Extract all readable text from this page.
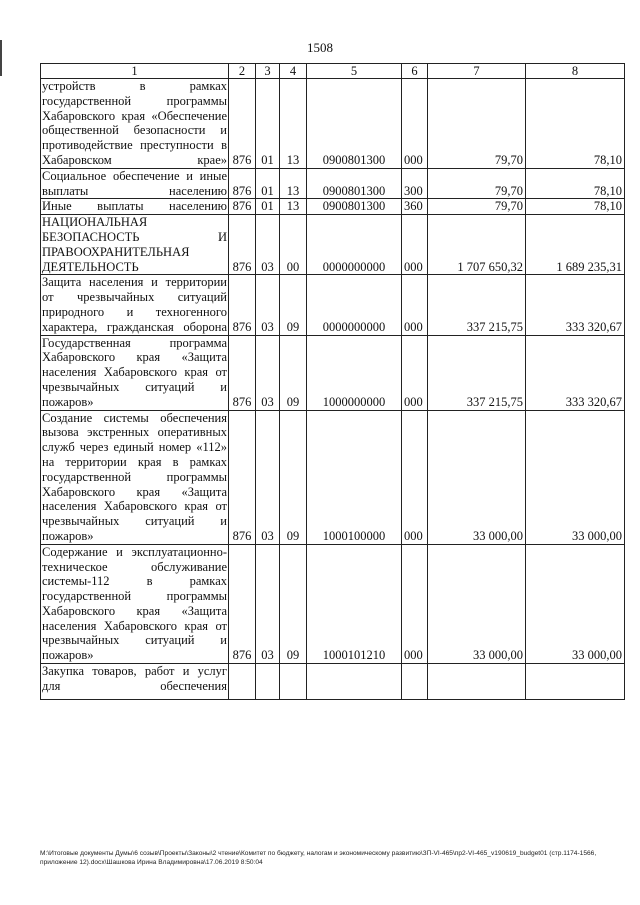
1508
1	2	3	4	5	6	7	8
устройств в рамках государственной программы Хабаровского края «Обеспечение общественной безопасности и противодействие преступности в Хабаровском крае»	876	01	13	0900801300	000	79,70	78,10
Социальное обеспечение и иные выплаты населению	876	01	13	0900801300	300	79,70	78,10
Иные выплаты населению	876	01	13	0900801300	360	79,70	78,10
НАЦИОНАЛЬНАЯ БЕЗОПАСНОСТЬ И ПРАВООХРАНИТЕЛЬНАЯ ДЕЯТЕЛЬНОСТЬ	876	03	00	0000000000	000	1 707 650,32	1 689 235,31
Защита населения и территории от чрезвычайных ситуаций природного и техногенного характера, гражданская оборона	876	03	09	0000000000	000	337 215,75	333 320,67
Государственная программа Хабаровского края «Защита населения Хабаровского края от чрезвычайных ситуаций и пожаров»	876	03	09	1000000000	000	337 215,75	333 320,67
Создание системы обеспечения вызова экстренных оперативных служб через единый номер «112» на территории края в рамках государственной программы Хабаровского края «Защита населения Хабаровского края от чрезвычайных ситуаций и пожаров»	876	03	09	1000100000	000	33 000,00	33 000,00
Содержание и эксплуатационно-техническое обслуживание системы-112 в рамках государственной программы Хабаровского края «Защита населения Хабаровского края от чрезвычайных ситуаций и пожаров»	876	03	09	1000101210	000	33 000,00	33 000,00
Закупка товаров, работ и услуг для обеспечения							
M:\Итоговые документы Думы\6 созыв\Проекты\Законы\2 чтение\Комитет по бюджету, налогам и экономическому развитию\ЗП-VI-465\пр2-VI-465_v190619_budget01 (стр.1174-1566, приложение 12).docx\Шашкова Ирина Владимировна\17.06.2019 8:50:04
